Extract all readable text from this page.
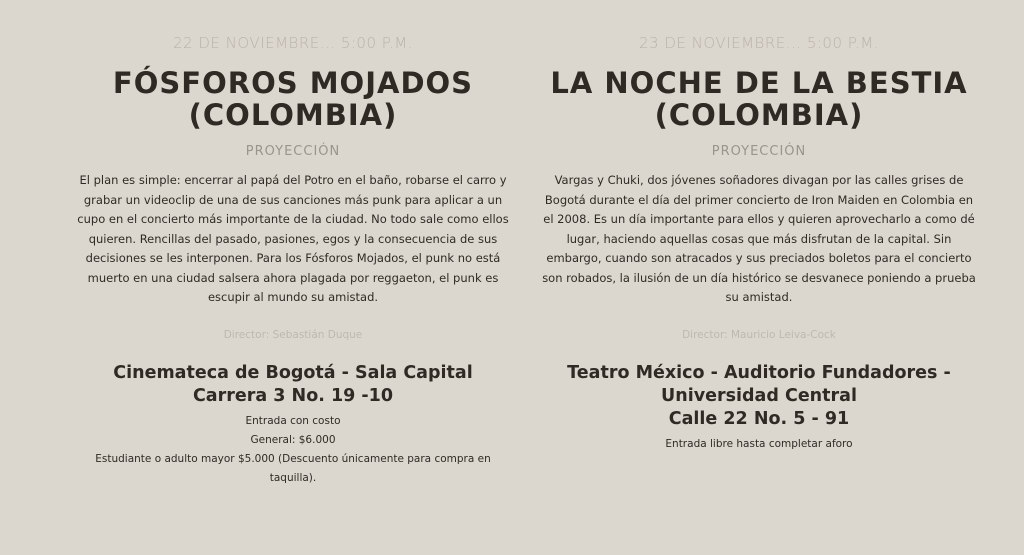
22 DE NOVIEMBRE... 5:00 P.M.

FÓSFOROS MOJADOS
(COLOMBIA)

PROYECCIÓN

El plan es simple: encerrar al papá del Potro en el baño, robarse el carro y grabar un videoclip de una de sus canciones más punk para aplicar a un cupo en el concierto más importante de la ciudad. No todo sale como ellos quieren. Rencillas del pasado, pasiones, egos y la consecuencia de sus decisiones se les interponen. Para los Fósforos Mojados, el punk no está muerto en una ciudad salsera ahora plagada por reggaeton, el punk es escupir al mundo su amistad.

Director: Sebastián Duque

Cinemateca de Bogotá - Sala Capital
Carrera 3 No. 19 -10

Entrada con costo

General: $6.000

Estudiante o adulto mayor $5.000 (Descuento únicamente para compra en taquilla).

23 DE NOVIEMBRE... 5:00 P.M.

LA NOCHE DE LA BESTIA
(COLOMBIA)

PROYECCIÓN

Vargas y Chuki, dos jóvenes soñadores divagan por las calles grises de Bogotá durante el día del primer concierto de Iron Maiden en Colombia en el 2008. Es un día importante para ellos y quieren aprovecharlo a como dé lugar, haciendo aquellas cosas que más disfrutan de la capital. Sin embargo, cuando son atracados y sus preciados boletos para el concierto son robados, la ilusión de un día histórico se desvanece poniendo a prueba su amistad.

Director: Mauricio Leiva-Cock

Teatro México - Auditorio Fundadores -
Universidad Central
Calle 22 No. 5 - 91

Entrada libre hasta completar aforo
